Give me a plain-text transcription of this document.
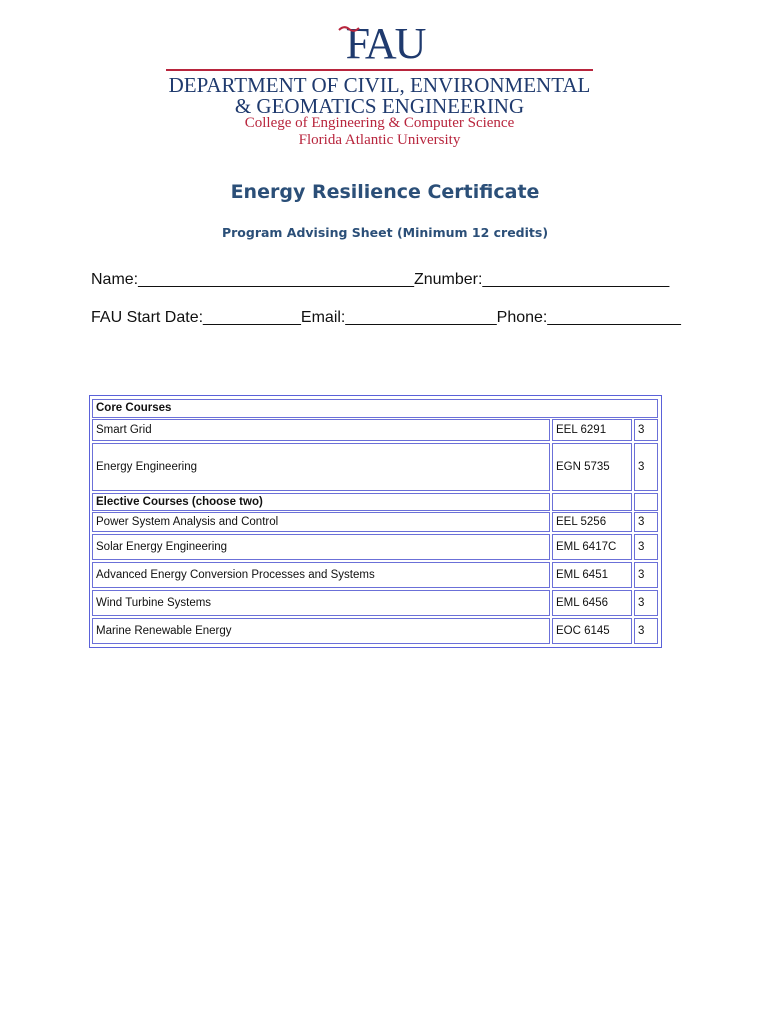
FAU
DEPARTMENT OF CIVIL, ENVIRONMENTAL
& GEOMATICS ENGINEERING
College of Engineering & Computer Science
Florida Atlantic University
Energy Resilience Certificate
Program Advising Sheet (Minimum 12 credits)
Name:_______________________________Znumber:_____________________
FAU Start Date:___________Email:_________________Phone:_______________
Core Courses
Smart Grid	EEL 6291	3
Energy Engineering	EGN 5735	3
Elective Courses (choose two)
Power System Analysis and Control	EEL 5256	3
Solar Energy Engineering	EML 6417C	3
Advanced Energy Conversion Processes and Systems	EML 6451	3
Wind Turbine Systems	EML 6456	3
Marine Renewable Energy	EOC 6145	3
